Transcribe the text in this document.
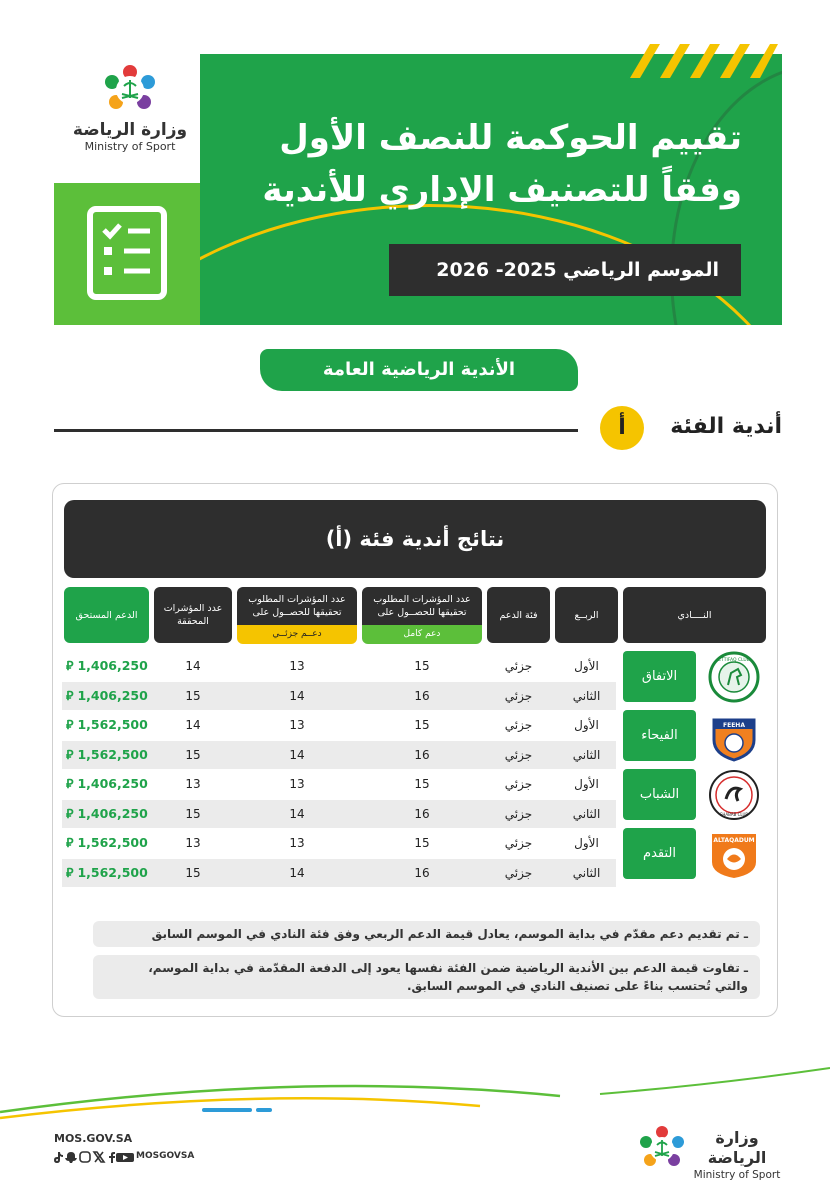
وزارة الرياضة
Ministry of Sport	تقييم الحوكمة للنصف الأول
وفقاً للتصنيف الإداري للأندية
الموسم الرياضي 2025- 2026
الأندية الرياضية العامة
أ	أندية الفئة
نتائج أندية فئة (أ)
النــــادي
الربــع
فئة الدعم
عدد المؤشرات المطلوب تحقيقها للحصــول على
دعم كامل
عدد المؤشرات المطلوب تحقيقها للحصــول على
دعــم جزئــي
عدد المؤشرات المحققة
الدعم المستحق
الأول
جزئي
15
13
14
⃁ 1,406,250
الثاني
جزئي
16
14
15
⃁ 1,406,250
الأول
جزئي
15
13
14
⃁ 1,562,500
الثاني
جزئي
16
14
15
⃁ 1,562,500
الأول
جزئي
15
13
13
⃁ 1,406,250
الثاني
جزئي
16
14
15
⃁ 1,406,250
الأول
جزئي
15
13
13
⃁ 1,562,500
الثاني
جزئي
16
14
15
⃁ 1,562,500
الاتفاق
الفيحاء
الشباب
التقدم
ETTIFAQ CLUB
FEEHA
SHABAB CLUB
ALTAQADUM
ـ تم تقديم دعم مقدّم في بداية الموسم، يعادل قيمة الدعم الربعي وفق فئة النادي في الموسم السابق
ـ تفاوت قيمة الدعم بين الأندية الرياضية ضمن الفئة نفسها يعود إلى الدفعة المقدّمة في بداية الموسم،
والتي تُحتسب بناءً على تصنيف النادي في الموسم السابق.
MOS.GOV.SA
MOSGOVSA
وزارة الرياضة
Ministry of Sport
